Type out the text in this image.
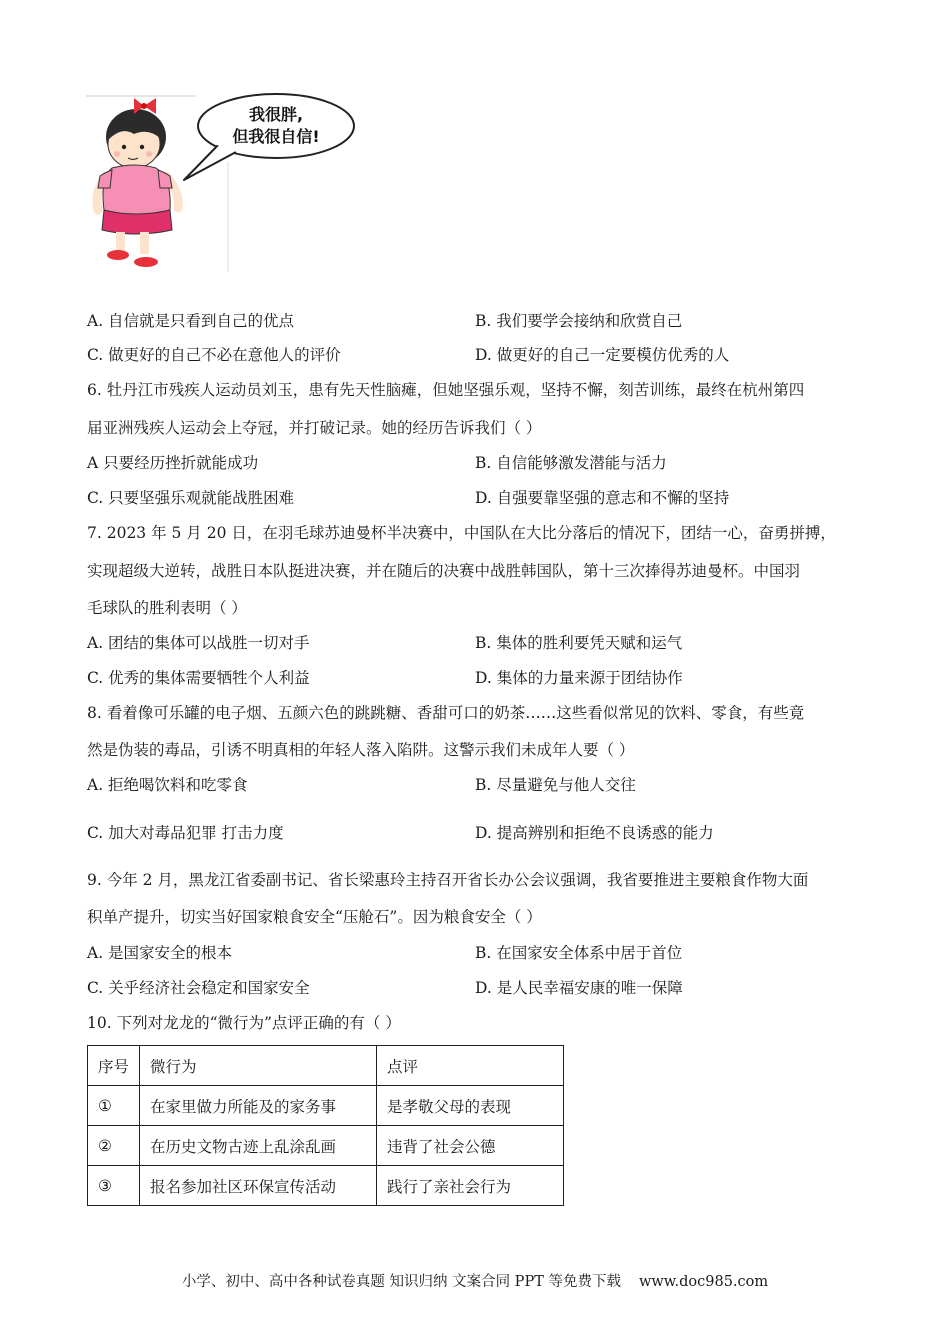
我很胖,
但我很自信!
A. 自信就是只看到自己的优点	B. 我们要学会接纳和欣赏自己
C. 做更好的自己不必在意他人的评价	D. 做更好的自己一定要模仿优秀的人
6. 牡丹江市残疾人运动员刘玉，患有先天性脑瘫，但她坚强乐观，坚持不懈，刻苦训练，最终在杭州第四
届亚洲残疾人运动会上夺冠，并打破记录。她的经历告诉我们（ ）
A 只要经历挫折就能成功	B. 自信能够激发潜能与活力
C. 只要坚强乐观就能战胜困难	D. 自强要靠坚强的意志和不懈的坚持
7. 2023 年 5 月 20 日，在羽毛球苏迪曼杯半决赛中，中国队在大比分落后的情况下，团结一心，奋勇拼搏，
实现超级大逆转，战胜日本队挺进决赛，并在随后的决赛中战胜韩国队，第十三次捧得苏迪曼杯。中国羽
毛球队的胜利表明（ ）
A. 团结的集体可以战胜一切对手	B. 集体的胜利要凭天赋和运气
C. 优秀的集体需要牺牲个人利益	D. 集体的力量来源于团结协作
8. 看着像可乐罐的电子烟、五颜六色的跳跳糖、香甜可口的奶茶……这些看似常见的饮料、零食，有些竟
然是伪装的毒品，引诱不明真相的年轻人落入陷阱。这警示我们未成年人要（ ）
A. 拒绝喝饮料和吃零食	B. 尽量避免与他人交往
C. 加大对毒品犯罪 打击力度	D. 提高辨别和拒绝不良诱惑的能力
9. 今年 2 月，黑龙江省委副书记、省长梁惠玲主持召开省长办公会议强调，我省要推进主要粮食作物大面
积单产提升，切实当好国家粮食安全“压舱石”。因为粮食安全（ ）
A. 是国家安全的根本	B. 在国家安全体系中居于首位
C. 关乎经济社会稳定和国家安全	D. 是人民幸福安康的唯一保障
10. 下列对龙龙的“微行为”点评正确的有（ ）
序号	微行为	点评
①	在家里做力所能及的家务事	是孝敬父母的表现
②	在历史文物古迹上乱涂乱画	违背了社会公德
③	报名参加社区环保宣传活动	践行了亲社会行为
小学、初中、高中各种试卷真题 知识归纳 文案合同 PPT 等免费下载 www.doc985.com
